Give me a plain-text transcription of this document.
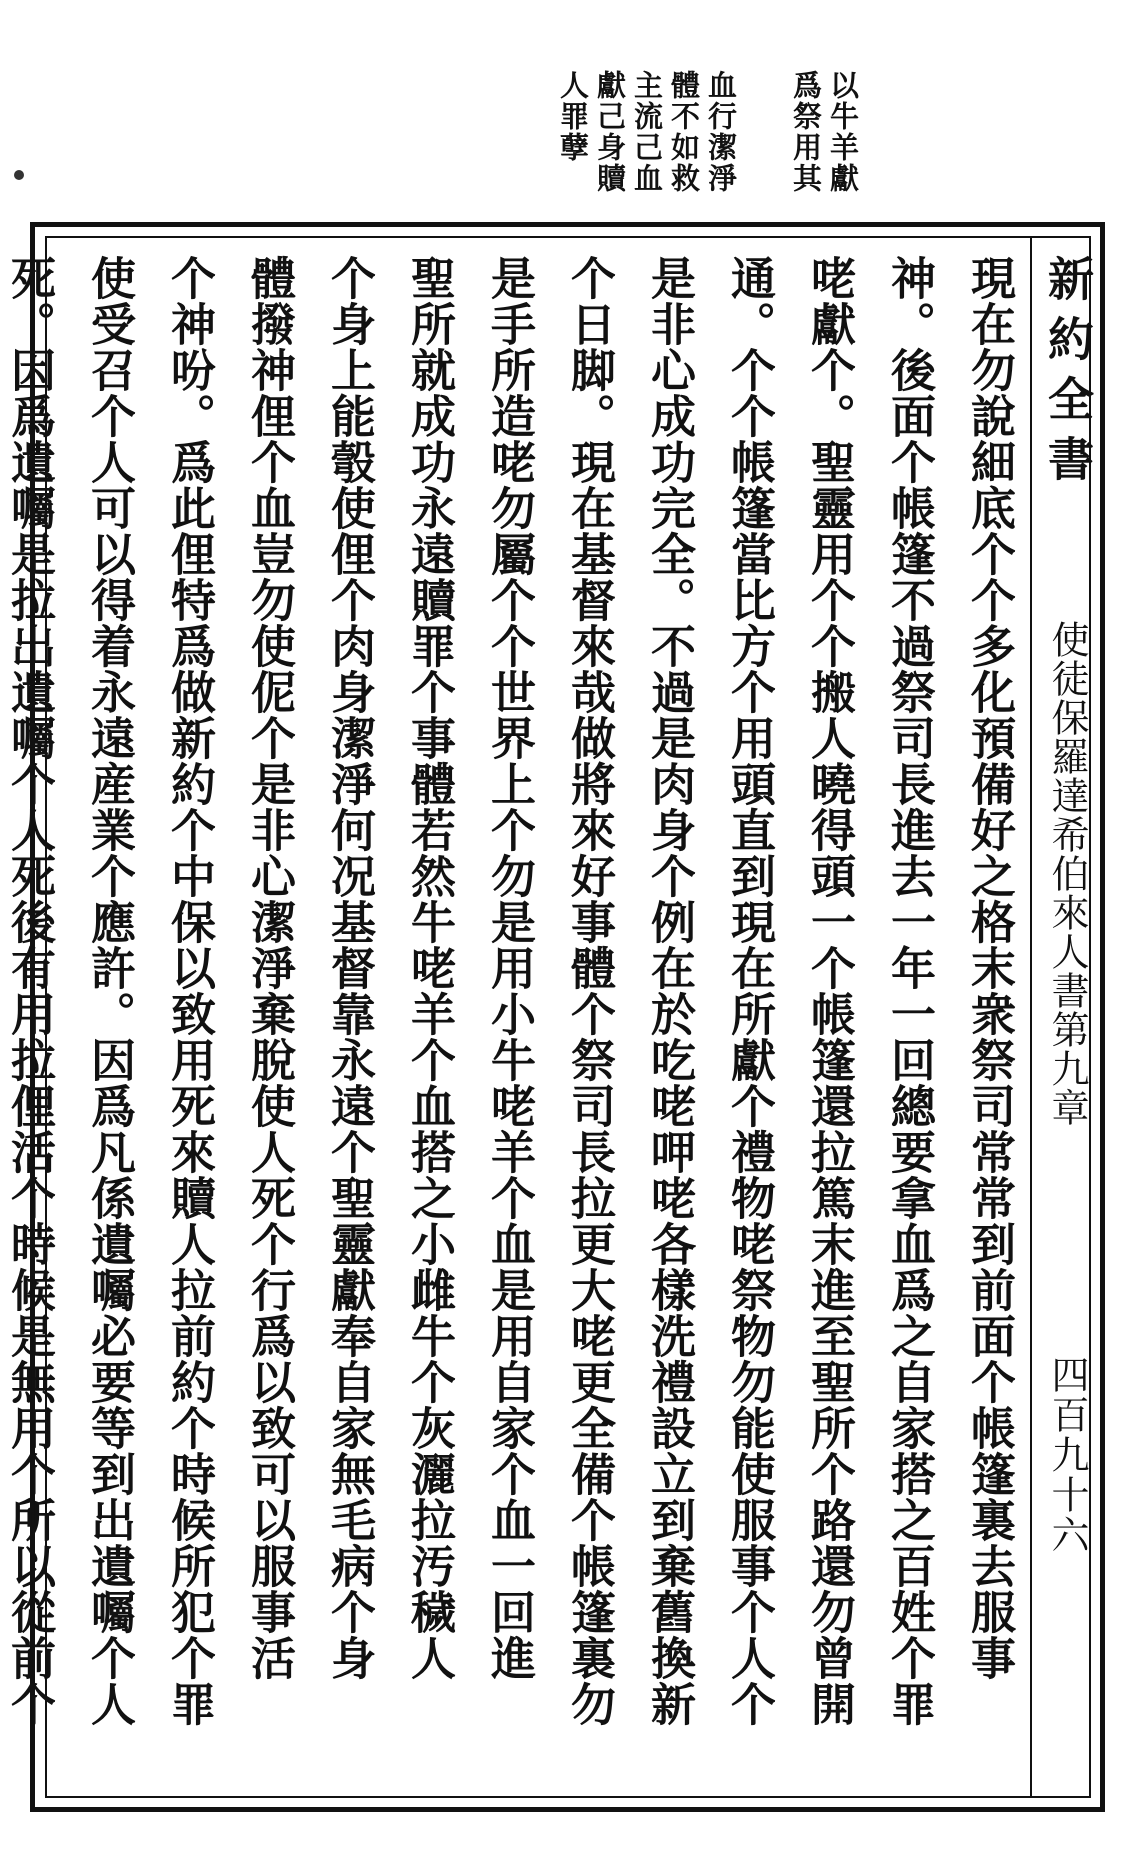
以牛羊獻
爲祭用其
血行潔淨
體不如救
主流己血
獻己身贖
人罪孽
新約全書
使徒保羅達希伯來人書第九章
四百九十六
現在勿說細底个个多化預備好之格末衆祭司常常到前面个帳篷裏去服事
神。後面个帳篷不過祭司長進去一年一回總要拿血爲之自家搭之百姓个罪
咾獻个。聖靈用个个搬人曉得頭一个帳篷還拉篤末進至聖所个路還勿曾開
通。个个帳篷當比方个用頭直到現在所獻个禮物咾祭物勿能使服事个人个
是非心成功完全。不過是肉身个例在於吃咾呷咾各樣洗禮設立到棄舊換新
个日脚。現在基督來哉做將來好事體个祭司長拉更大咾更全備个帳篷裏勿
是手所造咾勿屬个个世界上个勿是用小牛咾羊个血是用自家个血一回進
聖所就成功永遠贖罪个事體若然牛咾羊个血搭之小雌牛个灰灑拉汚穢人
个身上能彀使俚个肉身潔淨何况基督靠永遠个聖靈獻奉自家無毛病个身
體撥神俚个血豈勿使伲个是非心潔淨棄脫使人死个行爲以致可以服事活
个神吩。爲此俚特爲做新約个中保以致用死來贖人拉前約个時候所犯个罪
使受召个人可以得着永遠産業个應許。因爲凡係遺囑必要等到出遺囑个人
死。因爲遺囑是拉出遺囑个人死後有用拉俚活个時候是無用个所以從前个
